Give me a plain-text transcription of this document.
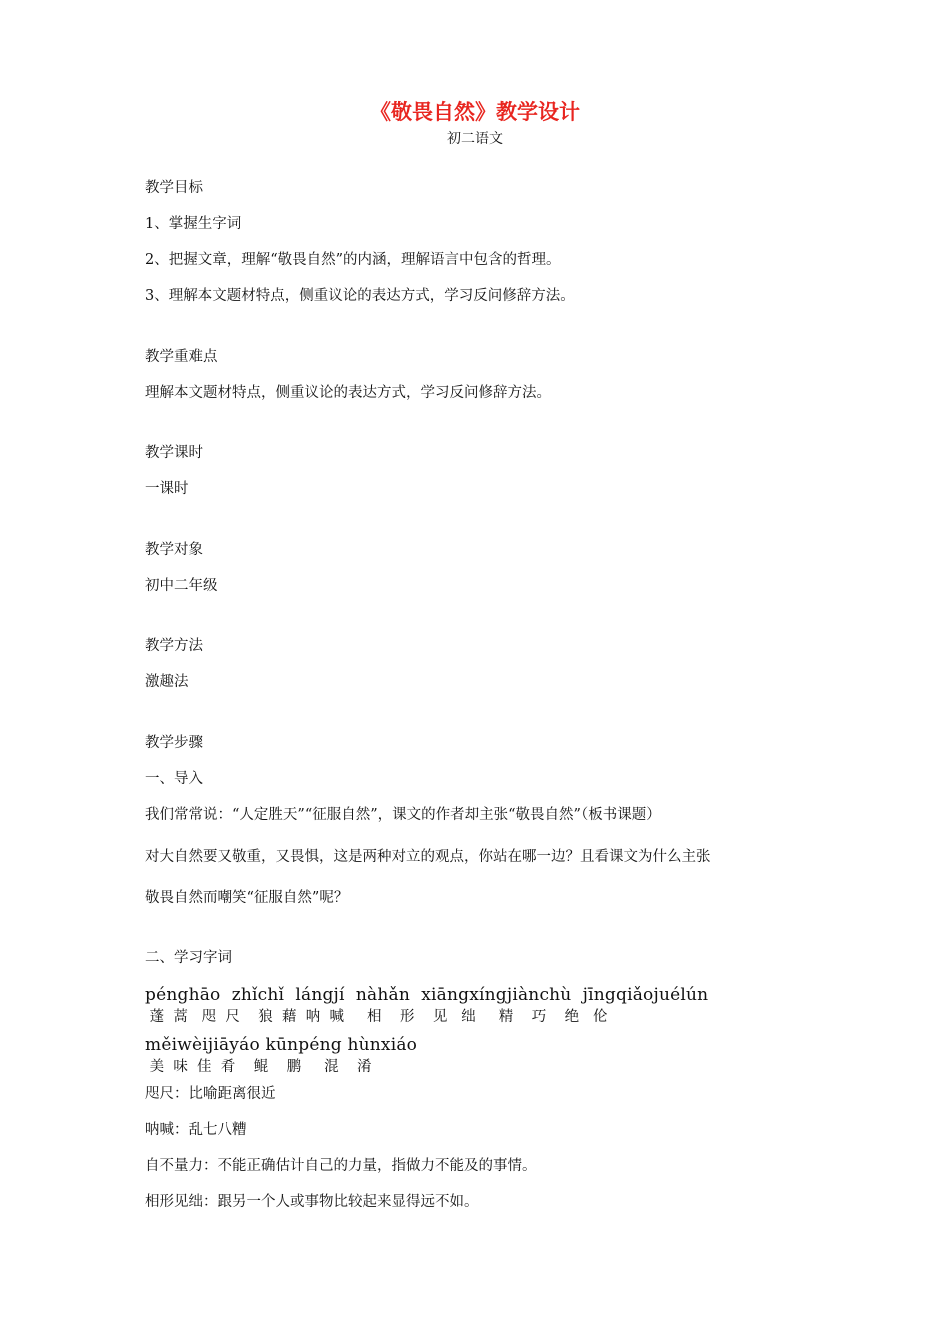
《敬畏自然》教学设计
初二语文
教学目标
1、掌握生字词
2、把握文章，理解“敬畏自然”的内涵，理解语言中包含的哲理。
3、理解本文题材特点，侧重议论的表达方式，学习反问修辞方法。
教学重难点
理解本文题材特点，侧重议论的表达方式，学习反问修辞方法。
教学课时
一课时
教学对象
初中二年级
教学方法
激趣法
教学步骤
一、导入
我们常常说：“人定胜天”“征服自然”，课文的作者却主张“敬畏自然”（板书课题）
对大自然要又敬重，又畏惧，这是两种对立的观点，你站在哪一边？且看课文为什么主张
敬畏自然而嘲笑“征服自然”呢？
二、学习字词
pénghāo  zhǐchǐ  lángjí  nàhǎn  xiāngxíngjiànchù  jīngqiǎojuélún
蓬  蒿   咫  尺    狼  藉  呐  喊     相    形    见   绌     精    巧    绝   伦
měiwèijiāyáo kūnpéng hùnxiáo
美  味  佳  肴    鲲    鹏     混    淆
咫尺：比喻距离很近
呐喊：乱七八糟
自不量力：不能正确估计自己的力量，指做力不能及的事情。
相形见绌：跟另一个人或事物比较起来显得远不如。
